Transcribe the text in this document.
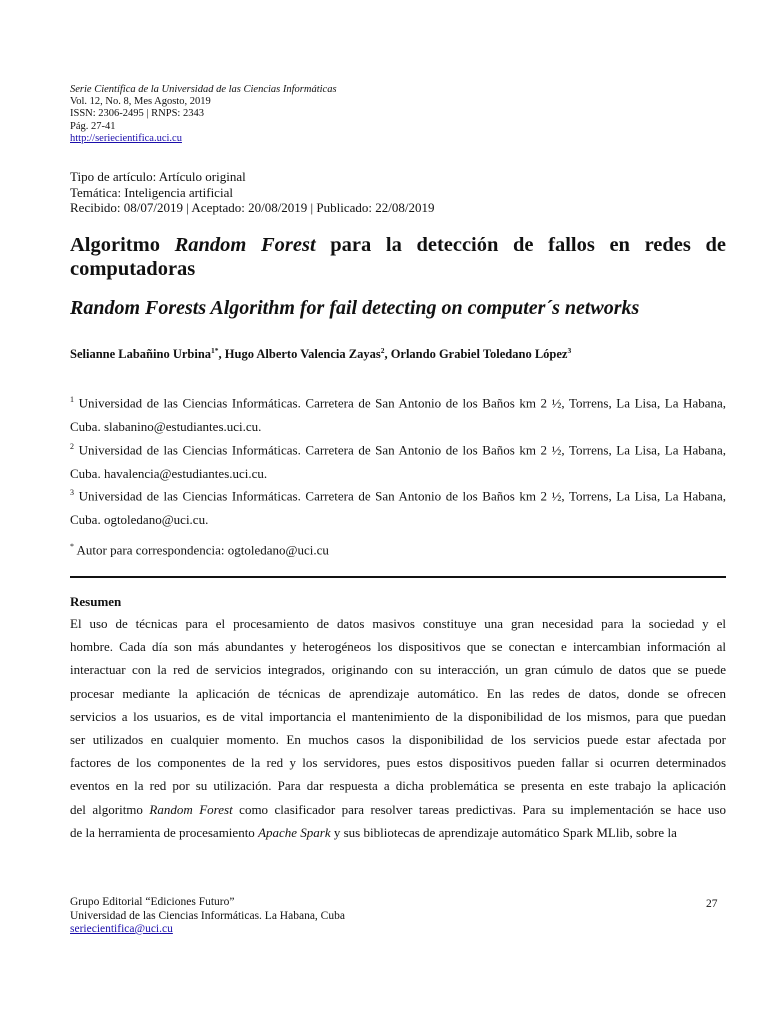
Serie Científica de la Universidad de las Ciencias Informáticas
Vol. 12, No. 8, Mes Agosto, 2019
ISSN: 2306-2495 | RNPS: 2343
Pág. 27-41
http://seriecientifica.uci.cu
Tipo de artículo: Artículo original
Temática: Inteligencia artificial
Recibido: 08/07/2019 | Aceptado: 20/08/2019 | Publicado: 22/08/2019
Algoritmo Random Forest para la detección de fallos en redes de computadoras
Random Forests Algorithm for fail detecting on computer´s networks
Selianne Labañino Urbina$^{1*}$, Hugo Alberto Valencia Zayas$^2$, Orlando Grabiel Toledano López$^3$
$^1$ Universidad de las Ciencias Informáticas. Carretera de San Antonio de los Baños km 2 ½, Torrens, La Lisa, La Habana, Cuba. slabanino@estudiantes.uci.cu.
$^2$ Universidad de las Ciencias Informáticas. Carretera de San Antonio de los Baños km 2 ½, Torrens, La Lisa, La Habana, Cuba. havalencia@estudiantes.uci.cu.
$^3$ Universidad de las Ciencias Informáticas. Carretera de San Antonio de los Baños km 2 ½, Torrens, La Lisa, La Habana, Cuba. ogtoledano@uci.cu.
* Autor para correspondencia: ogtoledano@uci.cu
Resumen
El uso de técnicas para el procesamiento de datos masivos constituye una gran necesidad para la sociedad y el
hombre. Cada día son más abundantes y heterogéneos los dispositivos que se conectan e intercambian información al
interactuar con la red de servicios integrados, originando con su interacción, un gran cúmulo de datos que se puede
procesar mediante la aplicación de técnicas de aprendizaje automático. En las redes de datos, donde se ofrecen
servicios a los usuarios, es de vital importancia el mantenimiento de la disponibilidad de los mismos, para que puedan
ser utilizados en cualquier momento. En muchos casos la disponibilidad de los servicios puede estar afectada por
factores de los componentes de la red y los servidores, pues estos dispositivos pueden fallar si ocurren determinados
eventos en la red por su utilización. Para dar respuesta a dicha problemática se presenta en este trabajo la aplicación
del algoritmo Random Forest como clasificador para resolver tareas predictivas. Para su implementación se hace uso
de la herramienta de procesamiento Apache Spark y sus bibliotecas de aprendizaje automático Spark MLlib, sobre la
Grupo Editorial “Ediciones Futuro”
Universidad de las Ciencias Informáticas. La Habana, Cuba
seriecientifica@uci.cu
27
